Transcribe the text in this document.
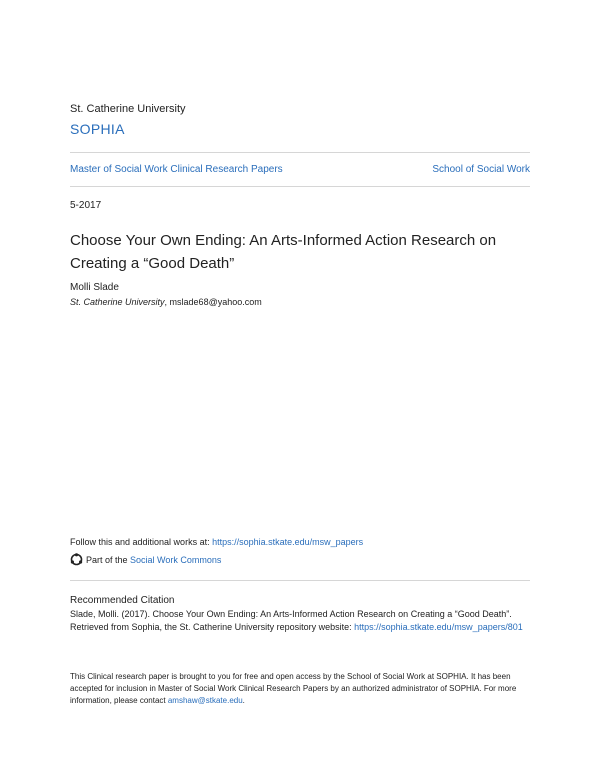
St. Catherine University
SOPHIA
Master of Social Work Clinical Research Papers	School of Social Work
5-2017
Choose Your Own Ending: An Arts-Informed Action Research on Creating a “Good Death”
Molli Slade
St. Catherine University, mslade68@yahoo.com
Follow this and additional works at: https://sophia.stkate.edu/msw_papers
Part of the
Social Work Commons
Recommended Citation
Slade, Molli. (2017). Choose Your Own Ending: An Arts-Informed Action Research on Creating a “Good Death”. Retrieved from Sophia, the St. Catherine University repository website: https://sophia.stkate.edu/msw_papers/801
This Clinical research paper is brought to you for free and open access by the School of Social Work at SOPHIA. It has been accepted for inclusion in Master of Social Work Clinical Research Papers by an authorized administrator of SOPHIA. For more information, please contact amshaw@stkate.edu.
